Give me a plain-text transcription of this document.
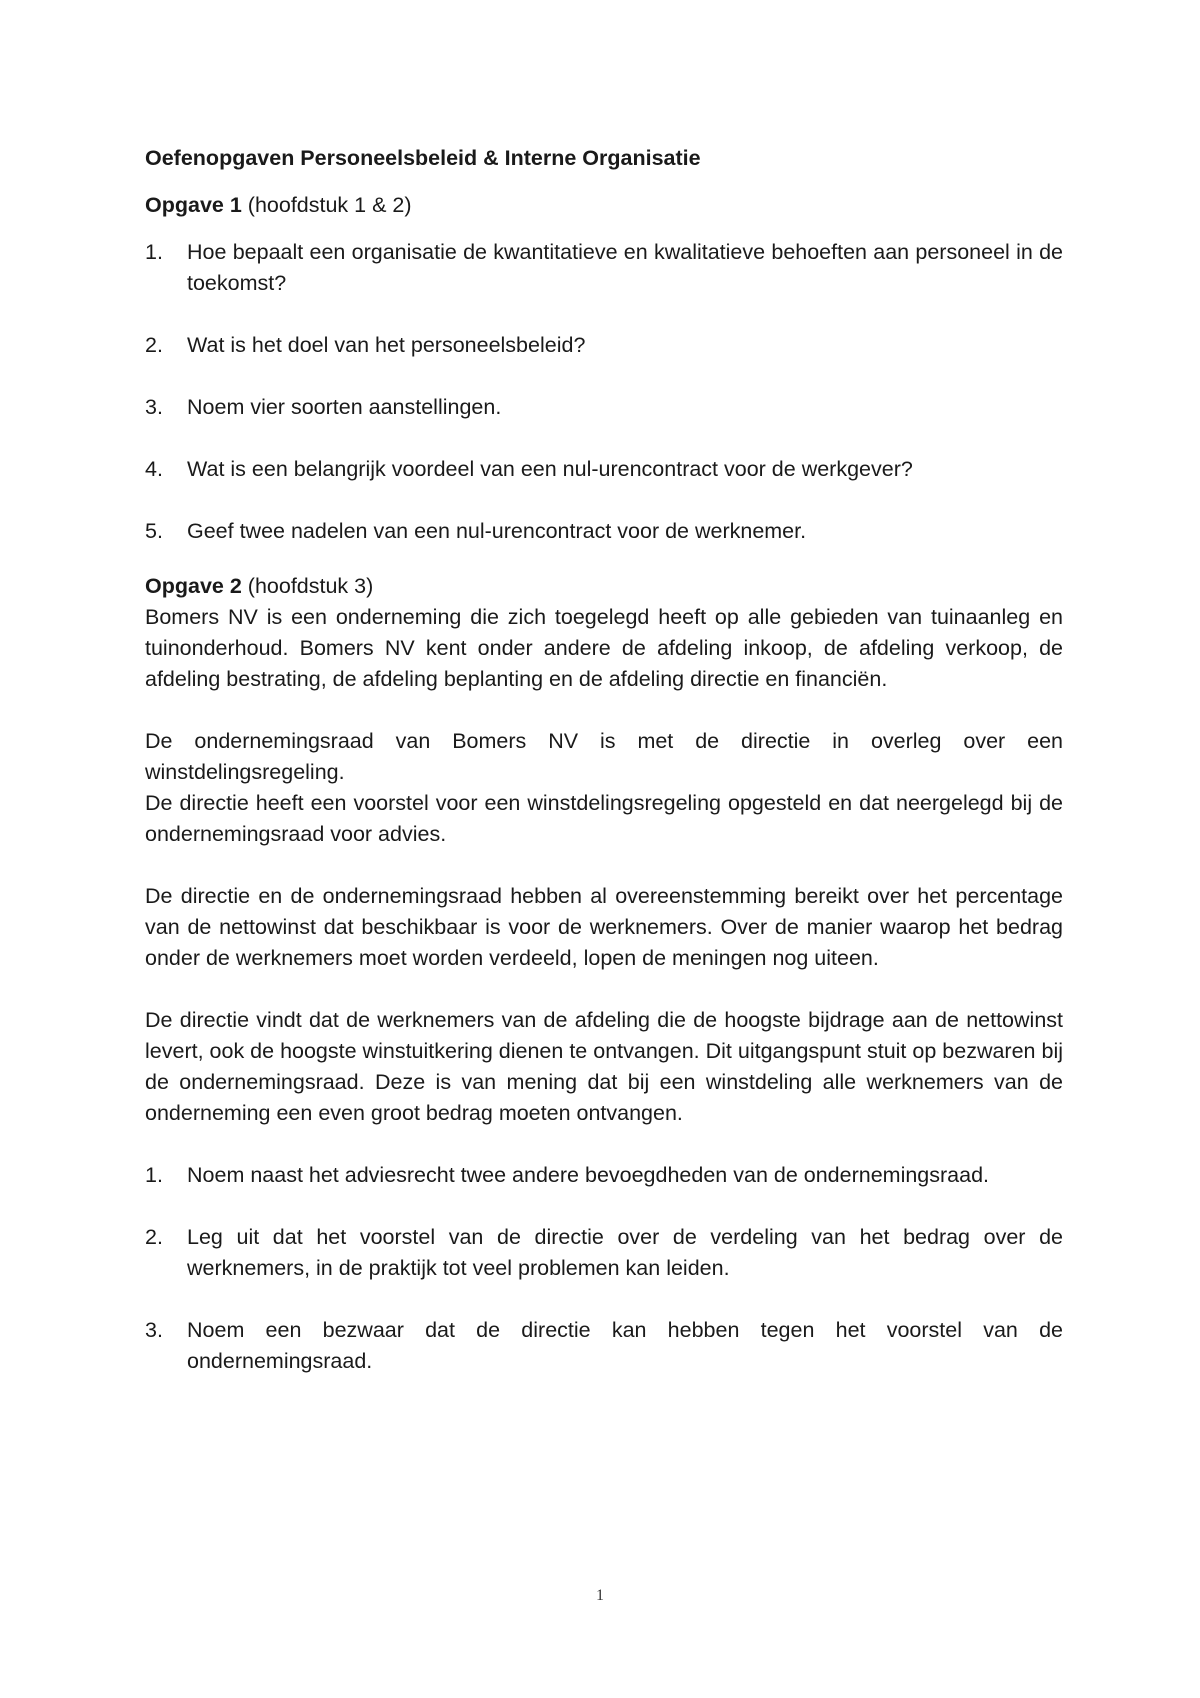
Oefenopgaven Personeelsbeleid & Interne Organisatie

Opgave 1 (hoofdstuk 1 & 2)

1. Hoe bepaalt een organisatie de kwantitatieve en kwalitatieve behoeften aan personeel in de toekomst?
2. Wat is het doel van het personeelsbeleid?
3. Noem vier soorten aanstellingen.
4. Wat is een belangrijk voordeel van een nul-urencontract voor de werkgever?
5. Geef twee nadelen van een nul-urencontract voor de werknemer.

Opgave 2 (hoofdstuk 3)

Bomers NV is een onderneming die zich toegelegd heeft op alle gebieden van tuinaanleg en tuinonderhoud. Bomers NV kent onder andere de afdeling inkoop, de afdeling verkoop, de afdeling bestrating, de afdeling beplanting en de afdeling directie en financiën.

De ondernemingsraad van Bomers NV is met de directie in overleg over een winstdelingsregeling.

De directie heeft een voorstel voor een winstdelingsregeling opgesteld en dat neergelegd bij de ondernemingsraad voor advies.

De directie en de ondernemingsraad hebben al overeenstemming bereikt over het percentage van de nettowinst dat beschikbaar is voor de werknemers. Over de manier waarop het bedrag onder de werknemers moet worden verdeeld, lopen de meningen nog uiteen.

De directie vindt dat de werknemers van de afdeling die de hoogste bijdrage aan de nettowinst levert, ook de hoogste winstuitkering dienen te ontvangen. Dit uitgangspunt stuit op bezwaren bij de ondernemingsraad. Deze is van mening dat bij een winstdeling alle werknemers van de onderneming een even groot bedrag moeten ontvangen.

1. Noem naast het adviesrecht twee andere bevoegdheden van de ondernemingsraad.
2. Leg uit dat het voorstel van de directie over de verdeling van het bedrag over de werknemers, in de praktijk tot veel problemen kan leiden.
3. Noem een bezwaar dat de directie kan hebben tegen het voorstel van de ondernemingsraad.
1
